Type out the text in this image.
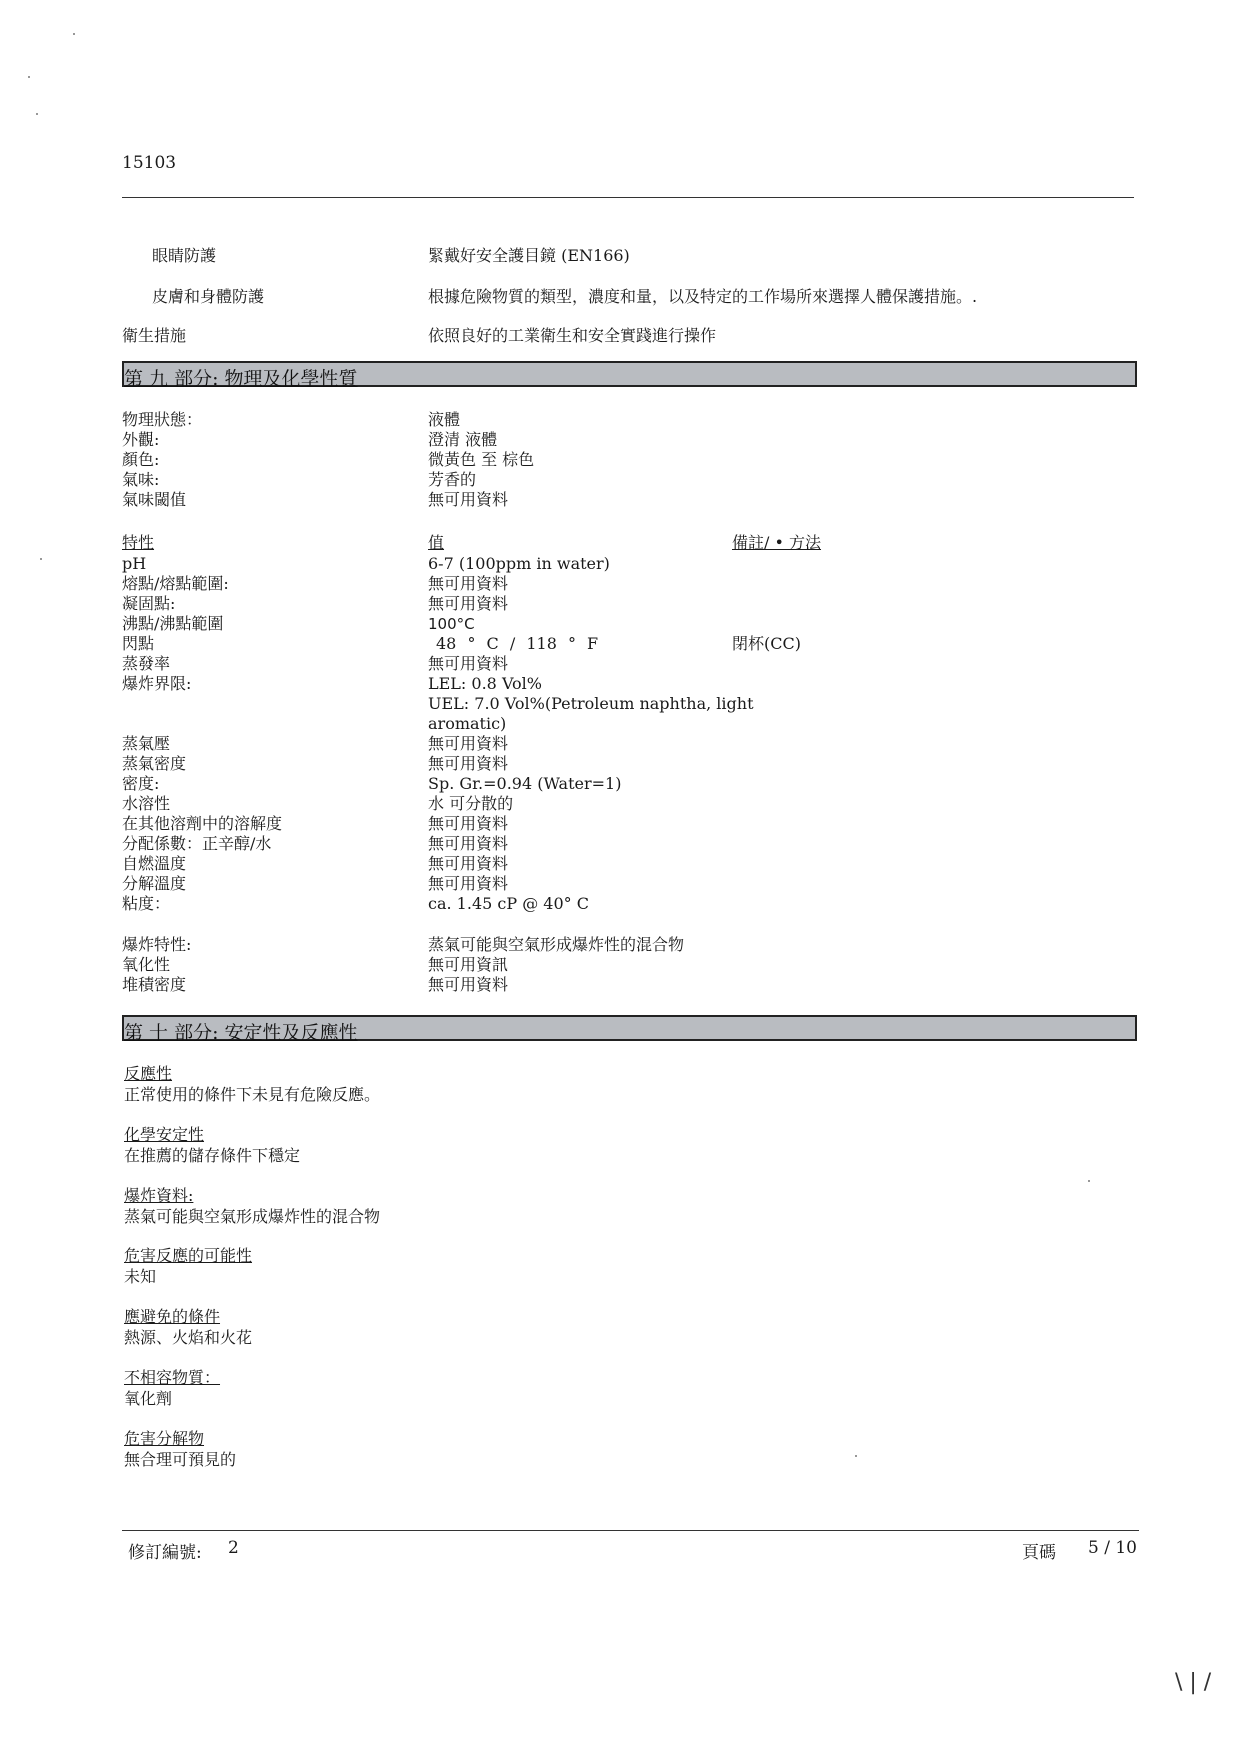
15103
眼睛防護	緊戴好安全護目鏡 (EN166)
皮膚和身體防護	根據危險物質的類型，濃度和量，以及特定的工作場所來選擇人體保護措施。.
衛生措施	依照良好的工業衛生和安全實踐進行操作
第 九 部分: 物理及化學性質
物理狀態：	液體
外觀:	澄清 液體
顏色:	微黃色 至 棕色
氣味:	芳香的
氣味閾值	無可用資料
特性	值	備註/ • 方法
pH	6-7 (100ppm in water)
熔點/熔點範圍:	無可用資料
凝固點:	無可用資料
沸點/沸點範圍	100°C
閃點	48 ° C / 118 ° F	閉杯(CC)
蒸發率	無可用資料
爆炸界限:	LEL: 0.8 Vol%
UEL: 7.0 Vol%(Petroleum naphtha, light
aromatic)
蒸氣壓	無可用資料
蒸氣密度	無可用資料
密度:	Sp. Gr.=0.94 (Water=1)
水溶性	水 可分散的
在其他溶劑中的溶解度	無可用資料
分配係數：正辛醇/水	無可用資料
自燃溫度	無可用資料
分解溫度	無可用資料
粘度：	ca. 1.45 cP @ 40° C
爆炸特性:	蒸氣可能與空氣形成爆炸性的混合物
氧化性	無可用資訊
堆積密度	無可用資料
第 十 部分: 安定性及反應性
反應性
正常使用的條件下未見有危險反應。
化學安定性
在推薦的儲存條件下穩定
爆炸資料:
蒸氣可能與空氣形成爆炸性的混合物
危害反應的可能性
未知
應避免的條件
熱源、火焰和火花
不相容物質：
氧化劑
危害分解物
無合理可預見的
修訂編號: 2	頁碼 5 / 10
\ | /
